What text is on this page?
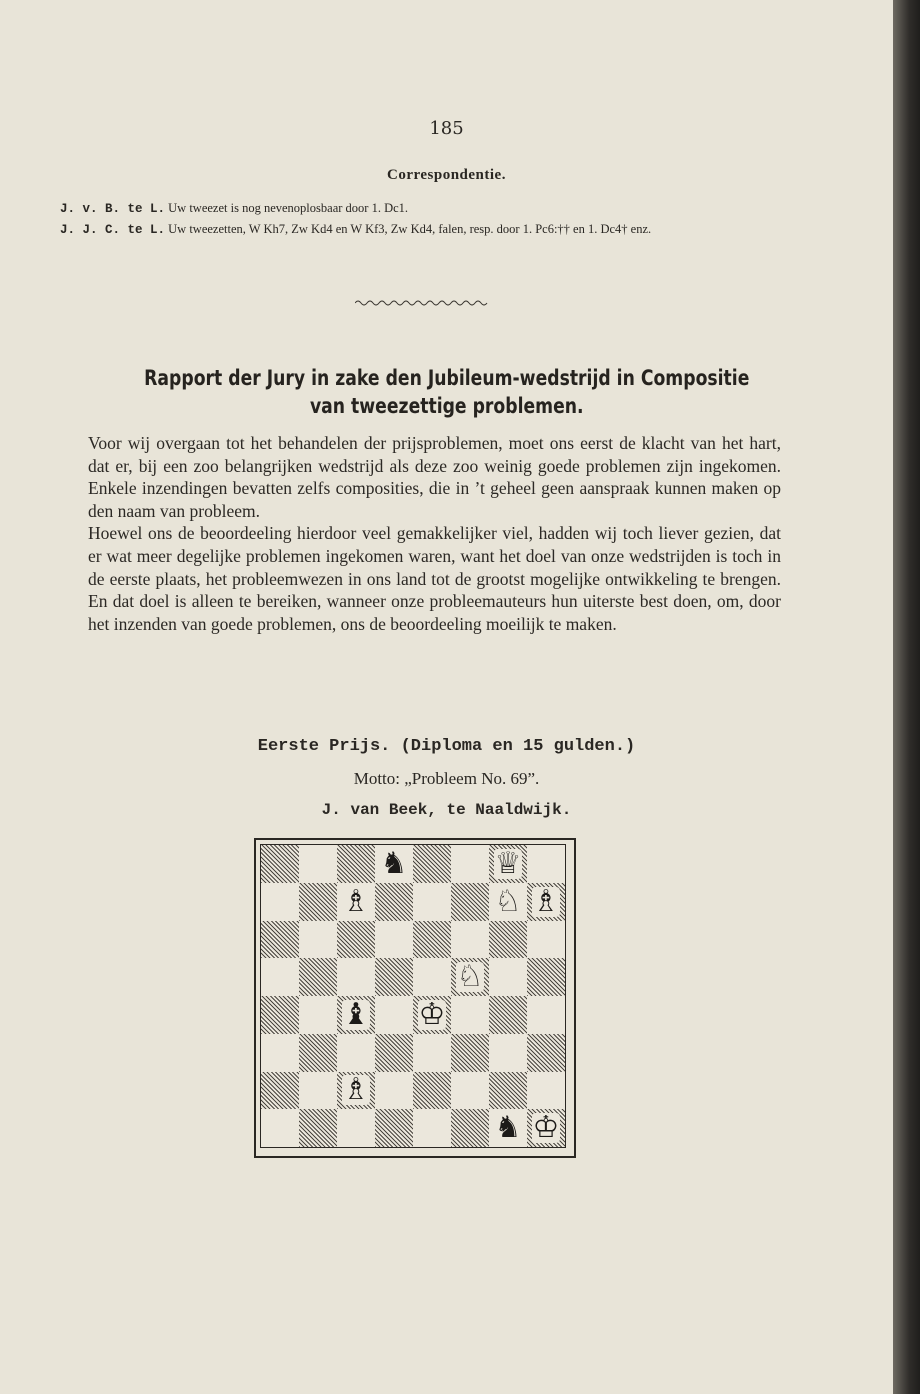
185
Correspondentie.
J. v. B. te L. Uw tweezet is nog nevenoplosbaar door 1. Dc1.
J. J. C. te L. Uw tweezetten, W Kh7, Zw Kd4 en W Kf3, Zw Kd4, falen, resp. door 1. Pc6:†† en 1. Dc4† enz.
Rapport der Jury in zake den Jubileum-wedstrijd in Compositie
van tweezettige problemen.

Voor wij overgaan tot het behandelen der prijsproblemen, moet ons eerst de klacht van het hart, dat er, bij een zoo belangrijken wedstrijd als deze zoo weinig goede problemen zijn ingekomen. Enkele inzendingen bevatten zelfs composities, die in ’t geheel geen aanspraak kunnen maken op den naam van probleem.

Hoewel ons de beoordeeling hierdoor veel gemakkelijker viel, hadden wij toch liever gezien, dat er wat meer degelijke problemen ingekomen waren, want het doel van onze wedstrijden is toch in de eerste plaats, het probleemwezen in ons land tot de grootst mogelijke ontwikkeling te brengen. En dat doel is alleen te bereiken, wanneer onze probleemauteurs hun uiterste best doen, om, door het inzenden van goede problemen, ons de beoordeeling moeilijk te maken.

Eerste Prijs. (Diploma en 15 gulden.)
Motto: „Probleem No. 69”.
J. van Beek, te Naaldwijk.
♞	♕
♗	♘ ♗
♘
♝ ♔
♗
♞ ♔
